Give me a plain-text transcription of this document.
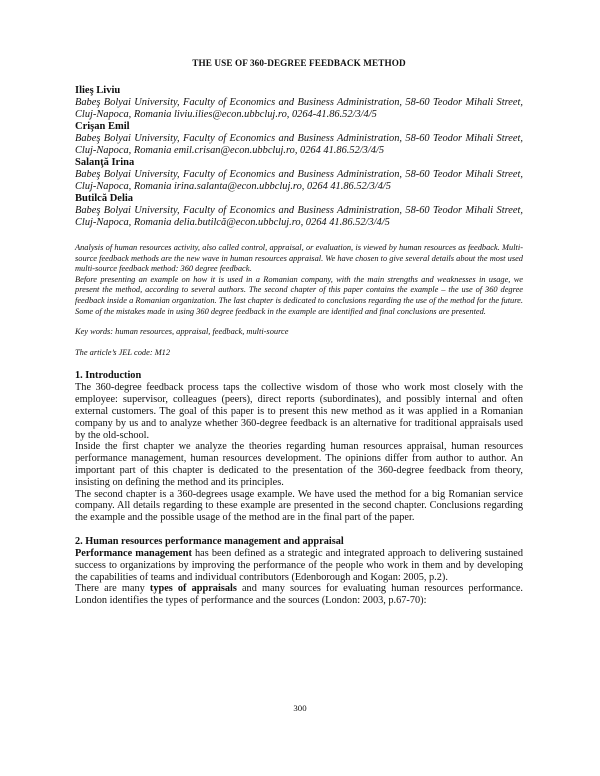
THE USE OF 360-DEGREE FEEDBACK METHOD
Ilieş Liviu
Babeş Bolyai University, Faculty of Economics and Business Administration, 58-60 Teodor Mihali Street, Cluj-Napoca, Romania liviu.ilies@econ.ubbcluj.ro, 0264-41.86.52/3/4/5
Crişan Emil
Babeş Bolyai University, Faculty of Economics and Business Administration, 58-60 Teodor Mihali Street, Cluj-Napoca, Romania emil.crisan@econ.ubbcluj.ro, 0264 41.86.52/3/4/5
Salanţă Irina
Babeş Bolyai University, Faculty of Economics and Business Administration, 58-60 Teodor Mihali Street, Cluj-Napoca, Romania irina.salanta@econ.ubbcluj.ro, 0264 41.86.52/3/4/5
Butilcă Delia
Babeş Bolyai University, Faculty of Economics and Business Administration, 58-60 Teodor Mihali Street, Cluj-Napoca, Romania delia.butilcă@econ.ubbcluj.ro, 0264 41.86.52/3/4/5

Analysis of human resources activity, also called control, appraisal, or evaluation, is viewed by human resources as feedback. Multi-source feedback methods are the new wave in human resources appraisal. We have chosen to give several details about the most used multi-source feedback method: 360 degree feedback.

Before presenting an example on how it is used in a Romanian company, with the main strengths and weaknesses in usage, we present the method, according to several authors. The second chapter of this paper contains the example – the use of 360 degree feedback inside a Romanian organization. The last chapter is dedicated to conclusions regarding the use of the method for the future. Some of the mistakes made in using 360 degree feedback in the example are identified and final conclusions are presented.

Key words: human resources, appraisal, feedback, multi-source
The article’s JEL code: M12
1. Introduction

The 360-degree feedback process taps the collective wisdom of those who work most closely with the employee: supervisor, colleagues (peers), direct reports (subordinates), and possibly internal and often external customers. The goal of this paper is to present this new method as it was applied in a Romanian company by us and to analyze whether 360-degree feedback is an alternative for traditional appraisals used by the old-school.

Inside the first chapter we analyze the theories regarding human resources appraisal, human resources performance management, human resources development. The opinions differ from author to author. An important part of this chapter is dedicated to the presentation of the 360-degree feedback from theory, insisting on defining the method and its principles.

The second chapter is a 360-degrees usage example. We have used the method for a big Romanian service company. All details regarding to these example are presented in the second chapter. Conclusions regarding the example and the possible usage of the method are in the final part of the paper.

2. Human resources performance management and appraisal

Performance management has been defined as a strategic and integrated approach to delivering sustained success to organizations by improving the performance of the people who work in them and by developing the capabilities of teams and individual contributors (Edenborough and Kogan: 2005, p.2).

There are many types of appraisals and many sources for evaluating human resources performance. London identifies the types of performance and the sources (London: 2003, p.67-70):

300
